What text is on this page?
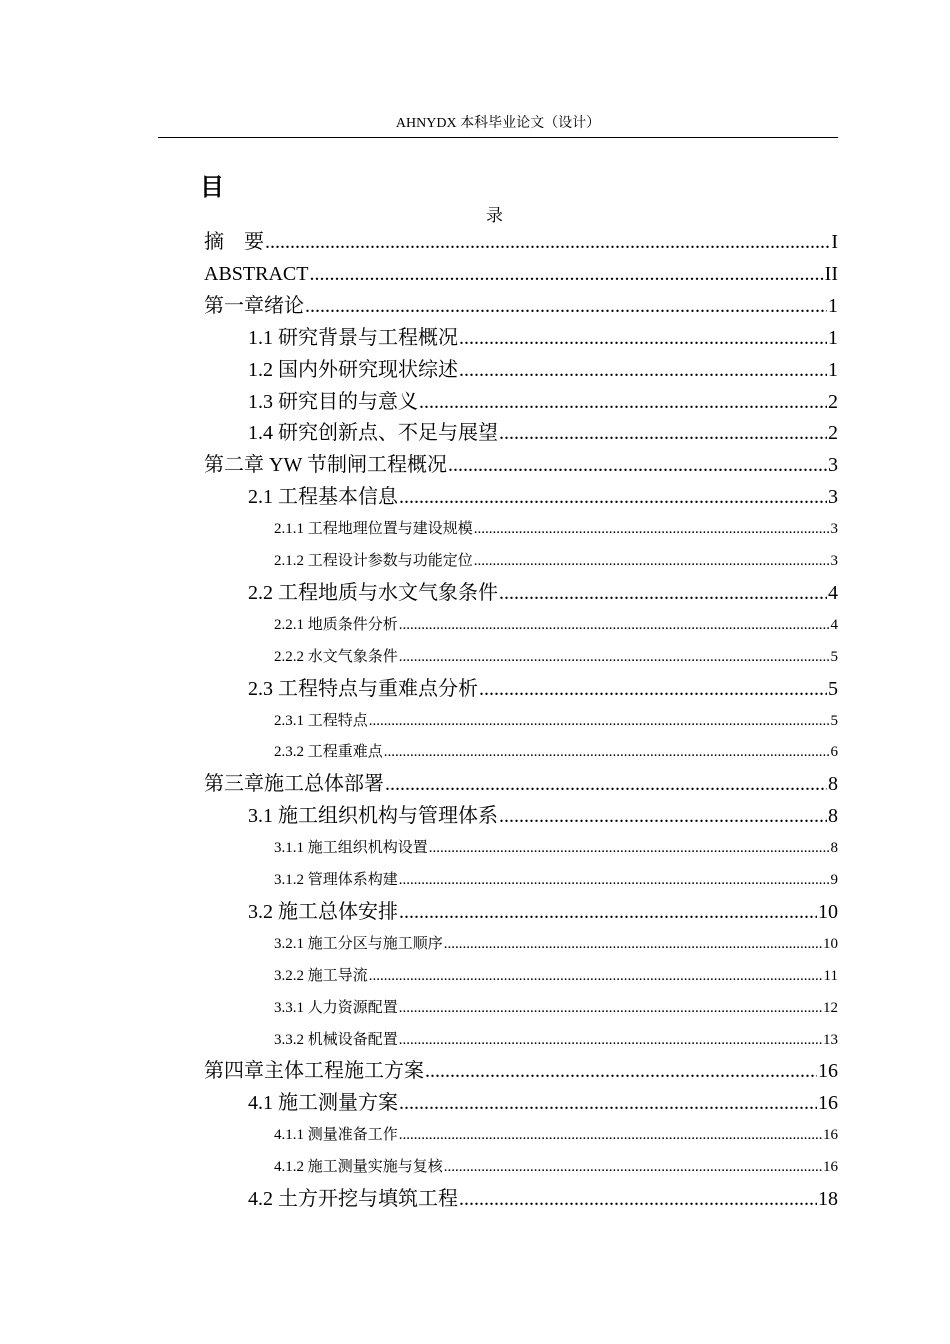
AHNYDX 本科毕业论文（设计）
目
录
摘　要 .....	I
ABSTRACT .....	II
第一章绪论 .....	1
1.1 研究背景与工程概况 .....	1
1.2 国内外研究现状综述 .....	1
1.3 研究目的与意义 .....	2
1.4 研究创新点、不足与展望 .....	2
第二章 YW 节制闸工程概况 .....	3
2.1 工程基本信息 .....	3
2.1.1 工程地理位置与建设规模 .....	3
2.1.2 工程设计参数与功能定位 .....	3
2.2 工程地质与水文气象条件 .....	4
2.2.1 地质条件分析 .....	4
2.2.2 水文气象条件 .....	5
2.3 工程特点与重难点分析 .....	5
2.3.1 工程特点 .....	5
2.3.2 工程重难点 .....	6
第三章施工总体部署 .....	8
3.1 施工组织机构与管理体系 .....	8
3.1.1 施工组织机构设置 .....	8
3.1.2 管理体系构建 .....	9
3.2 施工总体安排 .....	10
3.2.1 施工分区与施工顺序 .....	10
3.2.2 施工导流 .....	11
3.3.1 人力资源配置 .....	12
3.3.2 机械设备配置 .....	13
第四章主体工程施工方案 .....	16
4.1 施工测量方案 .....	16
4.1.1 测量准备工作 .....	16
4.1.2 施工测量实施与复核 .....	16
4.2 土方开挖与填筑工程 .....	18
